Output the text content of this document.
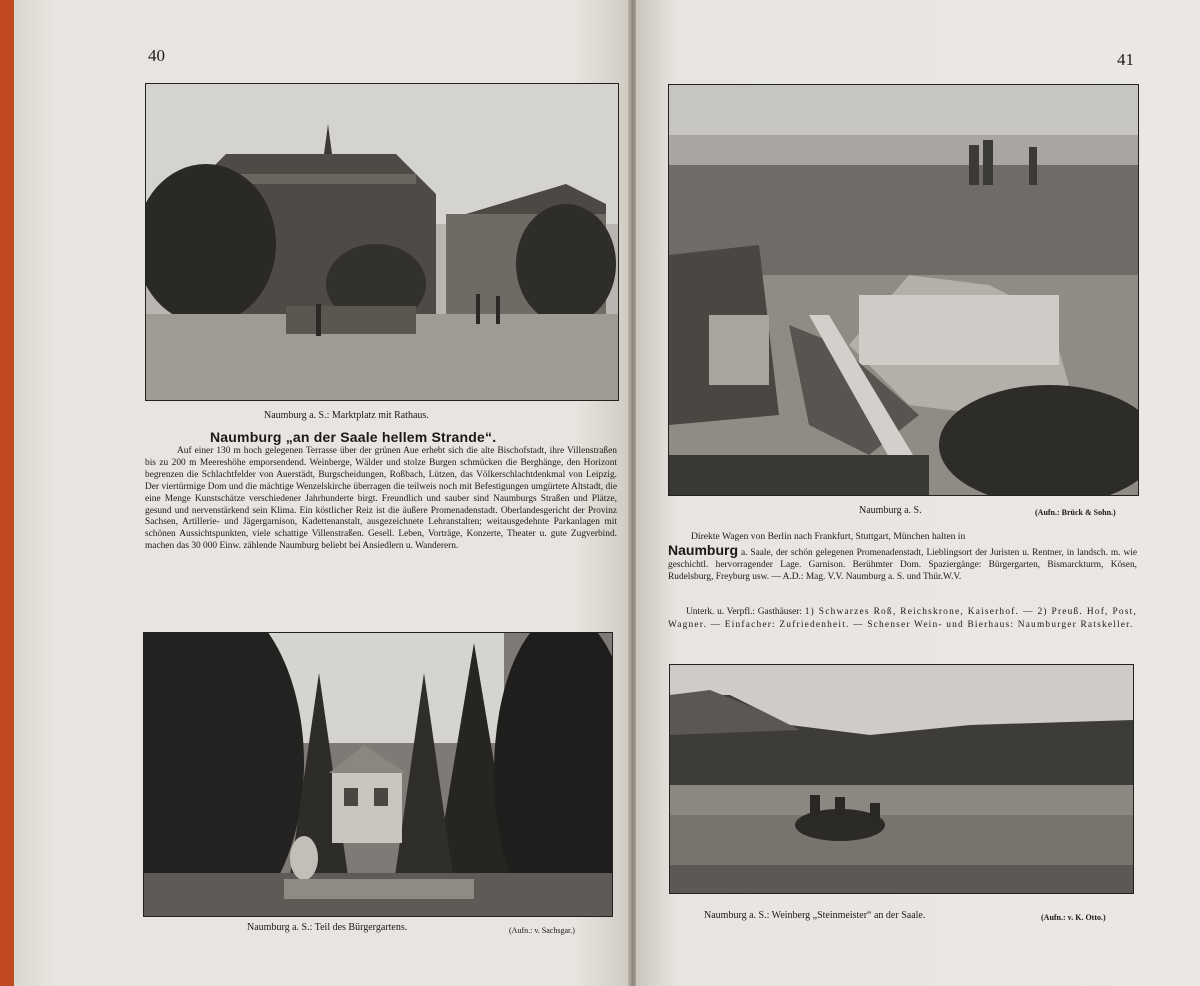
40
Naumburg a. S.: Marktplatz mit Rathaus.
Naumburg „an der Saale hellem Strande“.

Auf einer 130 m hoch gelegenen Terrasse über der grünen Aue erhebt sich die alte Bischofstadt, ihre Villenstraßen bis zu 200 m Meereshöhe emporsendend. Weinberge, Wälder und stolze Burgen schmücken die Berghänge, den Horizont begrenzen die Schlachtfelder von Auerstädt, Burgscheidungen, Roßbach, Lützen, das Völkerschlachtdenkmal von Leipzig. Der viertürmige Dom und die mächtige Wenzelskirche überragen die teilweis noch mit Befestigungen umgürtete Altstadt, die eine Menge Kunstschätze verschiedener Jahrhunderte birgt. Freundlich und sauber sind Naumburgs Straßen und Plätze, gesund und nervenstärkend sein Klima. Ein köstlicher Reiz ist die äußere Promenadenstadt. Oberlandesgericht der Provinz Sachsen, Artillerie- und Jägergarnison, Kadettenanstalt, ausgezeichnete Lehranstalten; weitausgedehnte Parkanlagen mit schönen Aussichtspunkten, viele schattige Villenstraßen. Gesell. Leben, Vorträge, Konzerte, Theater u. gute Zugverbind. machen das 30 000 Einw. zählende Naumburg beliebt bei Ansiedlern u. Wanderern.

Naumburg a. S.: Teil des Bürgergartens.	(Aufn.: v. Sachsgar.)
41
Naumburg a. S.	(Aufn.: Brück & Sohn.)
Direkte Wagen von Berlin nach Frankfurt, Stuttgart, München halten in
Naumburg a. Saale, der schön gelegenen Promenadenstadt, Lieblingsort der Juristen u. Rentner, in landsch. m. wie geschichtl. hervorragender Lage. Garnison. Berühmter Dom. Spaziergänge: Bürgergarten, Bismarckturm, Kösen, Rudelsburg, Freyburg usw. — A.D.: Mag. V.V. Naumburg a. S. und Thür.W.V.
Unterk. u. Verpfl.: Gasthäuser: 1) Schwarzes Roß, Reichskrone, Kaiserhof. — 2) Preuß. Hof, Post, Wagner. — Einfacher: Zufriedenheit. — Schenser Wein- und Bierhaus: Naumburger Ratskeller.
Naumburg a. S.: Weinberg „Steinmeister“ an der Saale.	(Aufn.: v. K. Otto.)
